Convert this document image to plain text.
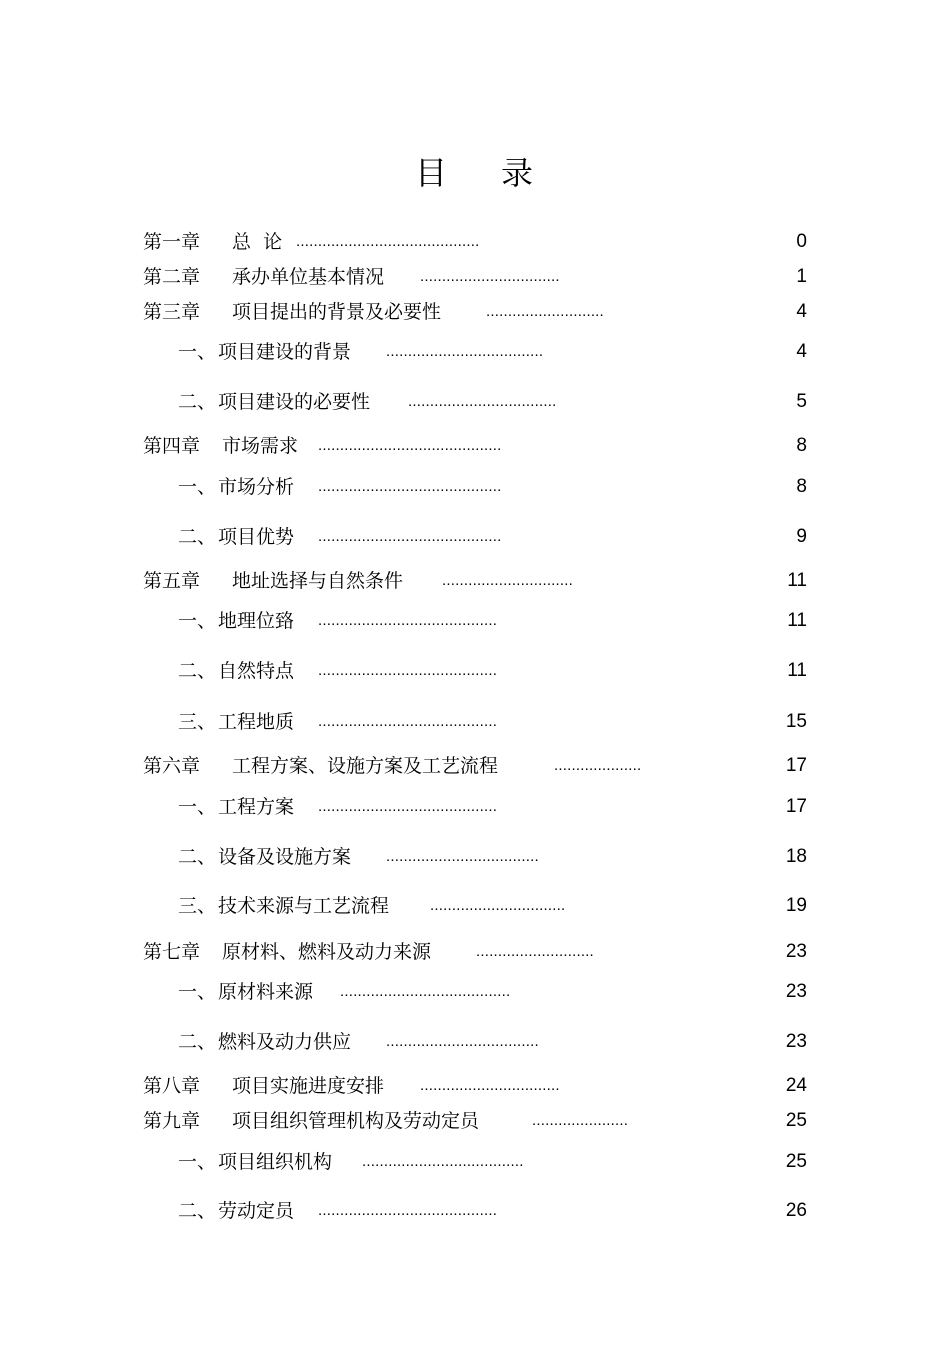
目 录
第一章 总  论 ..........................................	0
第二章 承办单位基本情况 ................................	1
第三章 项目提出的背景及必要性	...........................	4
一、 项目建设的背景 ....................................	4
二、 项目建设的必要性	..................................	5
第四章 市场需求 ..........................................	8
一、 市场分析 ..........................................	8
二、 项目优势 ..........................................	9
第五章 地址选择与自然条件	..............................	11
一、 地理位臵 .........................................	11
二、 自然特点 .........................................	11
三、 工程地质 .........................................	15
第六章 工程方案、设施方案及工艺流程	....................	17
一、 工程方案 .........................................	17
二、 设备及设施方案 ...................................	18
三、 技术来源与工艺流程	...............................	19
第七章 原材料、燃料及动力来源	...........................	23
一、 原材料来源 .......................................	23
二、 燃料及动力供应 ...................................	23
第八章 项目实施进度安排 ................................	24
第九章 项目组织管理机构及劳动定员	......................	25
一、 项目组织机构 .....................................	25
二、 劳动定员 .........................................	26
